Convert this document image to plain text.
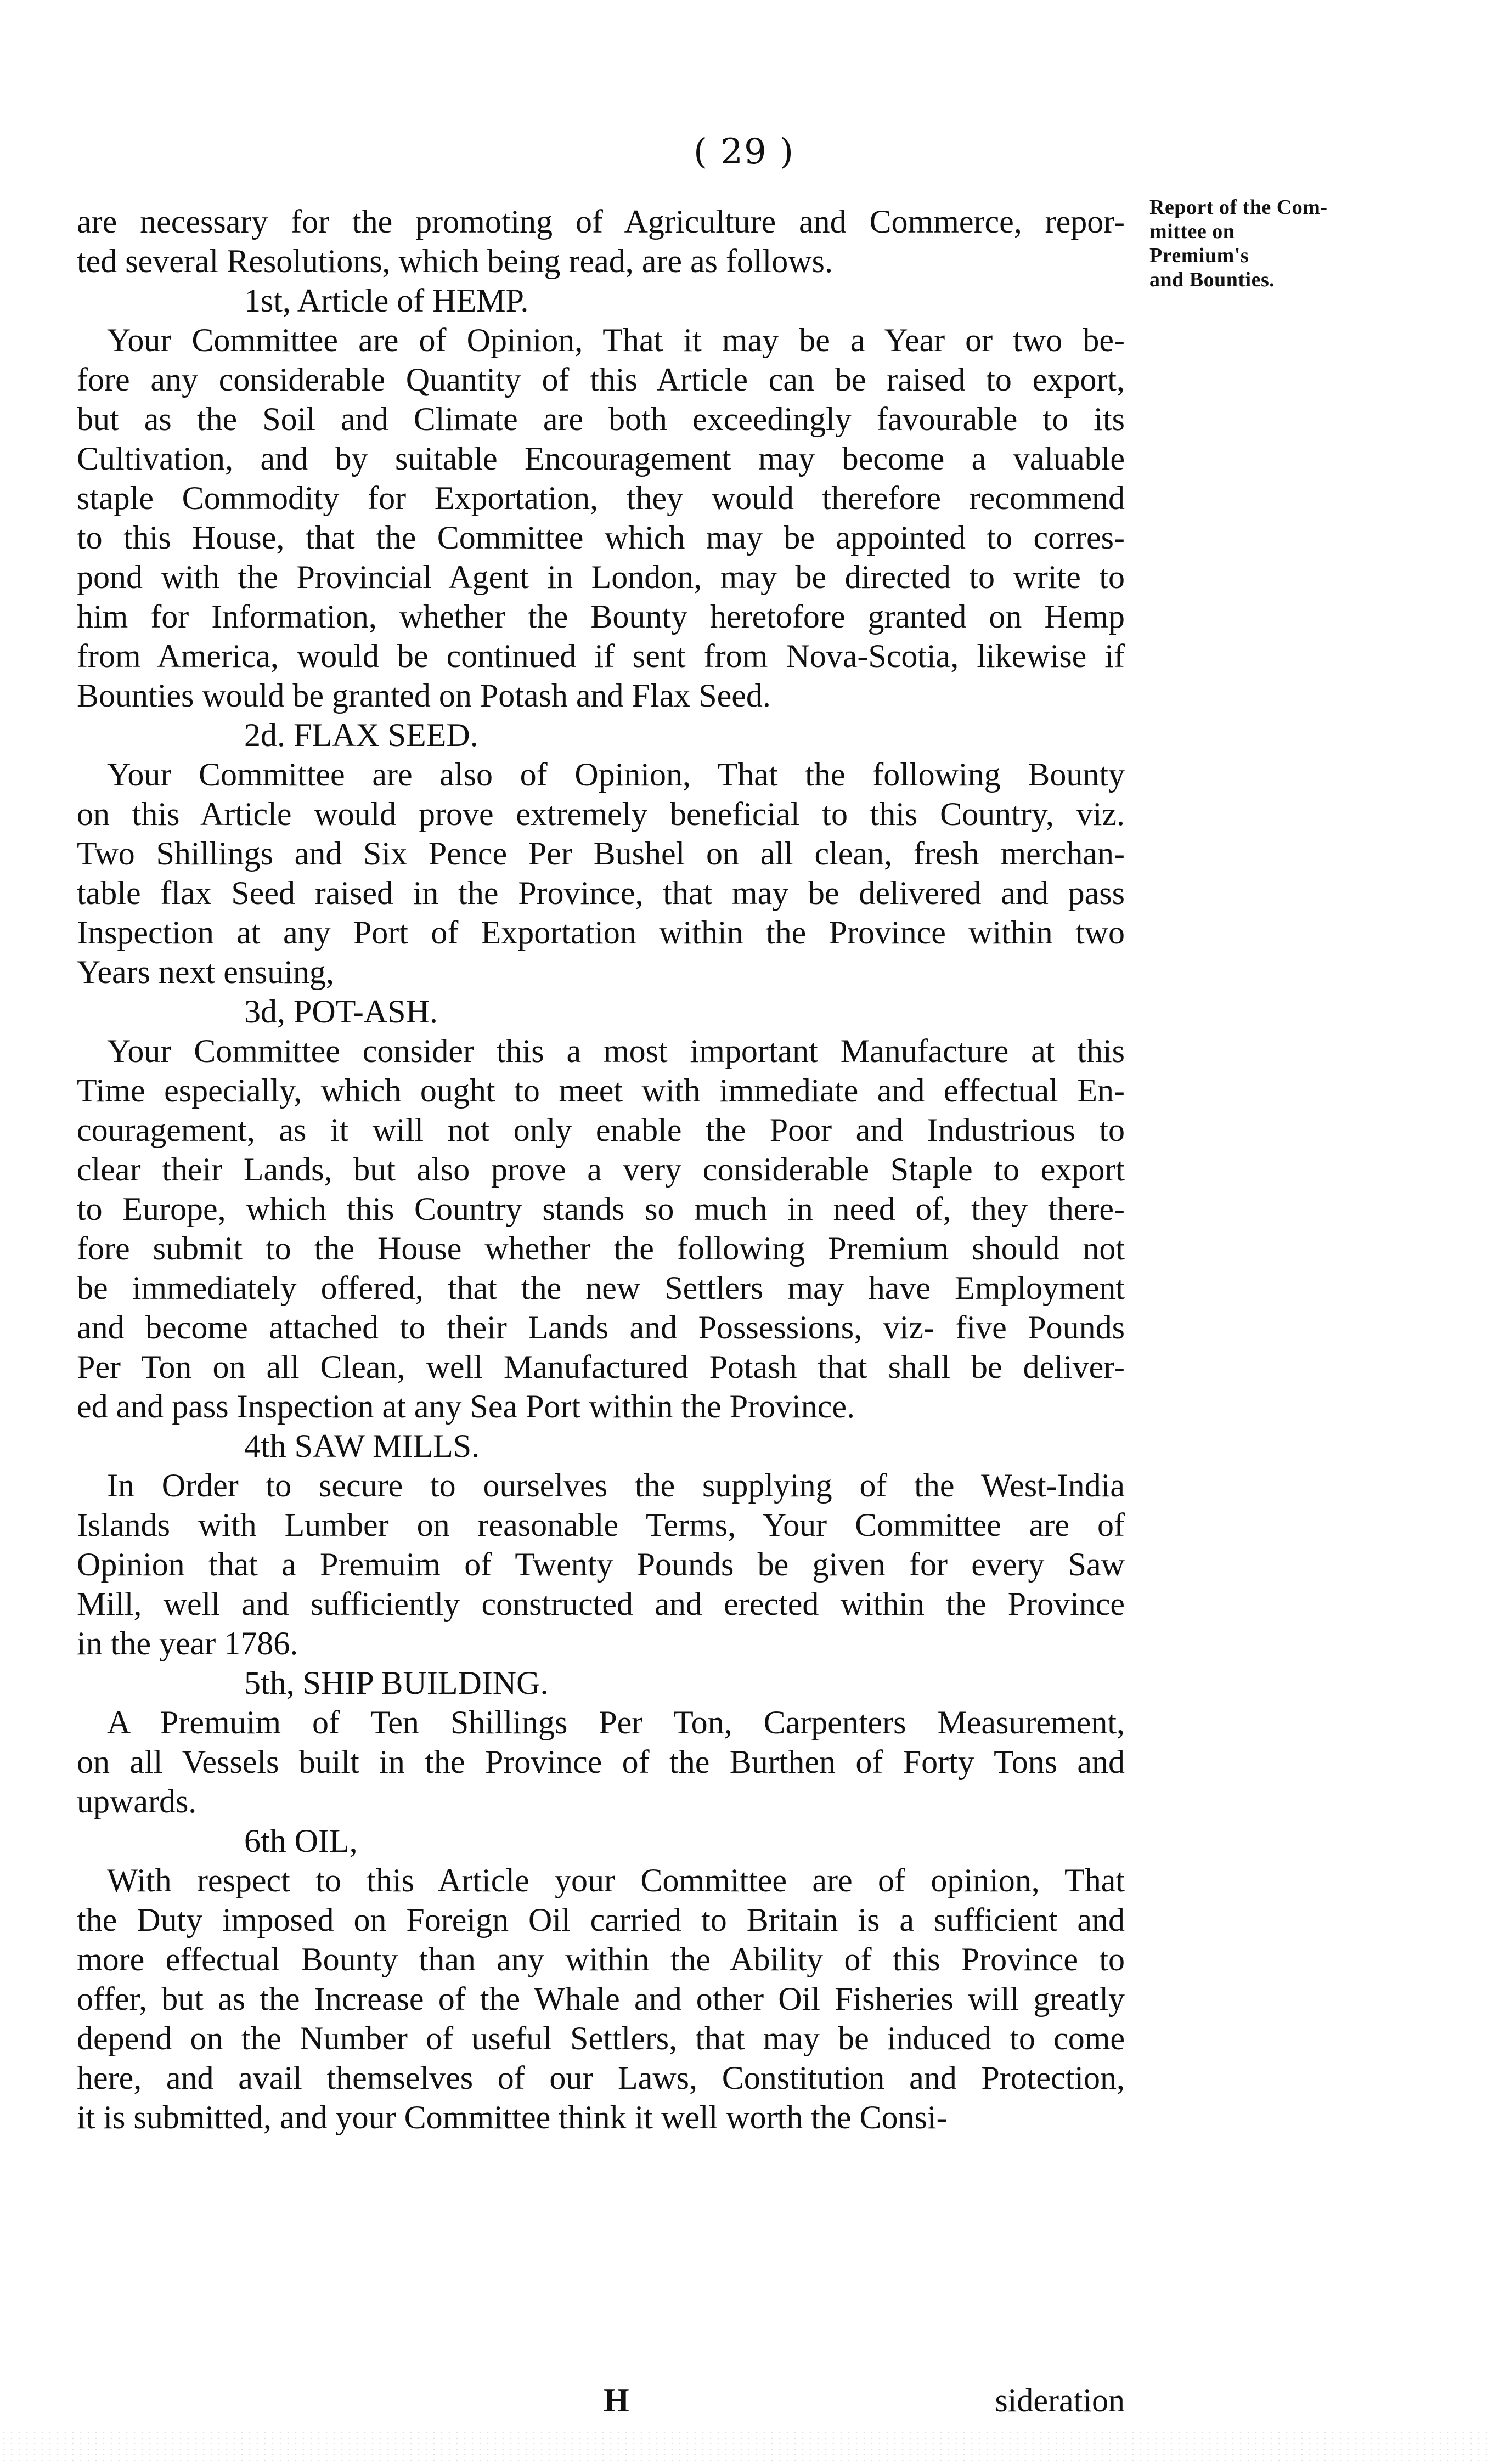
( 29 )
Report of the Com-
mittee on Premium's
and Bounties.
are necessary for the promoting of Agriculture and Commerce, repor-
ted several Resolutions, which being read, are as follows.
1st, Article of HEMP.
Your Committee are of Opinion, That it may be a Year or two be-
fore any considerable Quantity of this Article can be raised to export,
but as the Soil and Climate are both exceedingly favourable to its
Cultivation, and by suitable Encouragement may become a valuable
staple Commodity for Exportation, they would therefore recommend
to this House, that the Committee which may be appointed to corres-
pond with the Provincial Agent in London, may be directed to write to
him for Information, whether the Bounty heretofore granted on Hemp
from America, would be continued if sent from Nova-Scotia, likewise if
Bounties would be granted on Potash and Flax Seed.
2d. FLAX SEED.
Your Committee are also of Opinion, That the following Bounty
on this Article would prove extremely beneficial to this Country, viz.
Two Shillings and Six Pence Per Bushel on all clean, fresh merchan-
table flax Seed raised in the Province, that may be delivered and pass
Inspection at any Port of Exportation within the Province within two
Years next ensuing,
3d, POT-ASH.
Your Committee consider this a most important Manufacture at this
Time especially, which ought to meet with immediate and effectual En-
couragement, as it will not only enable the Poor and Industrious to
clear their Lands, but also prove a very considerable Staple to export
to Europe, which this Country stands so much in need of, they there-
fore submit to the House whether the following Premium should not
be immediately offered, that the new Settlers may have Employment
and become attached to their Lands and Possessions, viz- five Pounds
Per Ton on all Clean, well Manufactured Potash that shall be deliver-
ed and pass Inspection at any Sea Port within the Province.
4th SAW MILLS.
In Order to secure to ourselves the supplying of the West-India
Islands with Lumber on reasonable Terms, Your Committee are of
Opinion that a Premuim of Twenty Pounds be given for every Saw
Mill, well and sufficiently constructed and erected within the Province
in the year 1786.
5th, SHIP BUILDING.
A Premuim of Ten Shillings Per Ton, Carpenters Measurement,
on all Vessels built in the Province of the Burthen of Forty Tons and
upwards.
6th OIL,
With respect to this Article your Committee are of opinion, That
the Duty imposed on Foreign Oil carried to Britain is a sufficient and
more effectual Bounty than any within the Ability of this Province to
offer, but as the Increase of the Whale and other Oil Fisheries will greatly
depend on the Number of useful Settlers, that may be induced to come
here, and avail themselves of our Laws, Constitution and Protection,
it is submitted, and your Committee think it well worth the Consi-
H	sideration
